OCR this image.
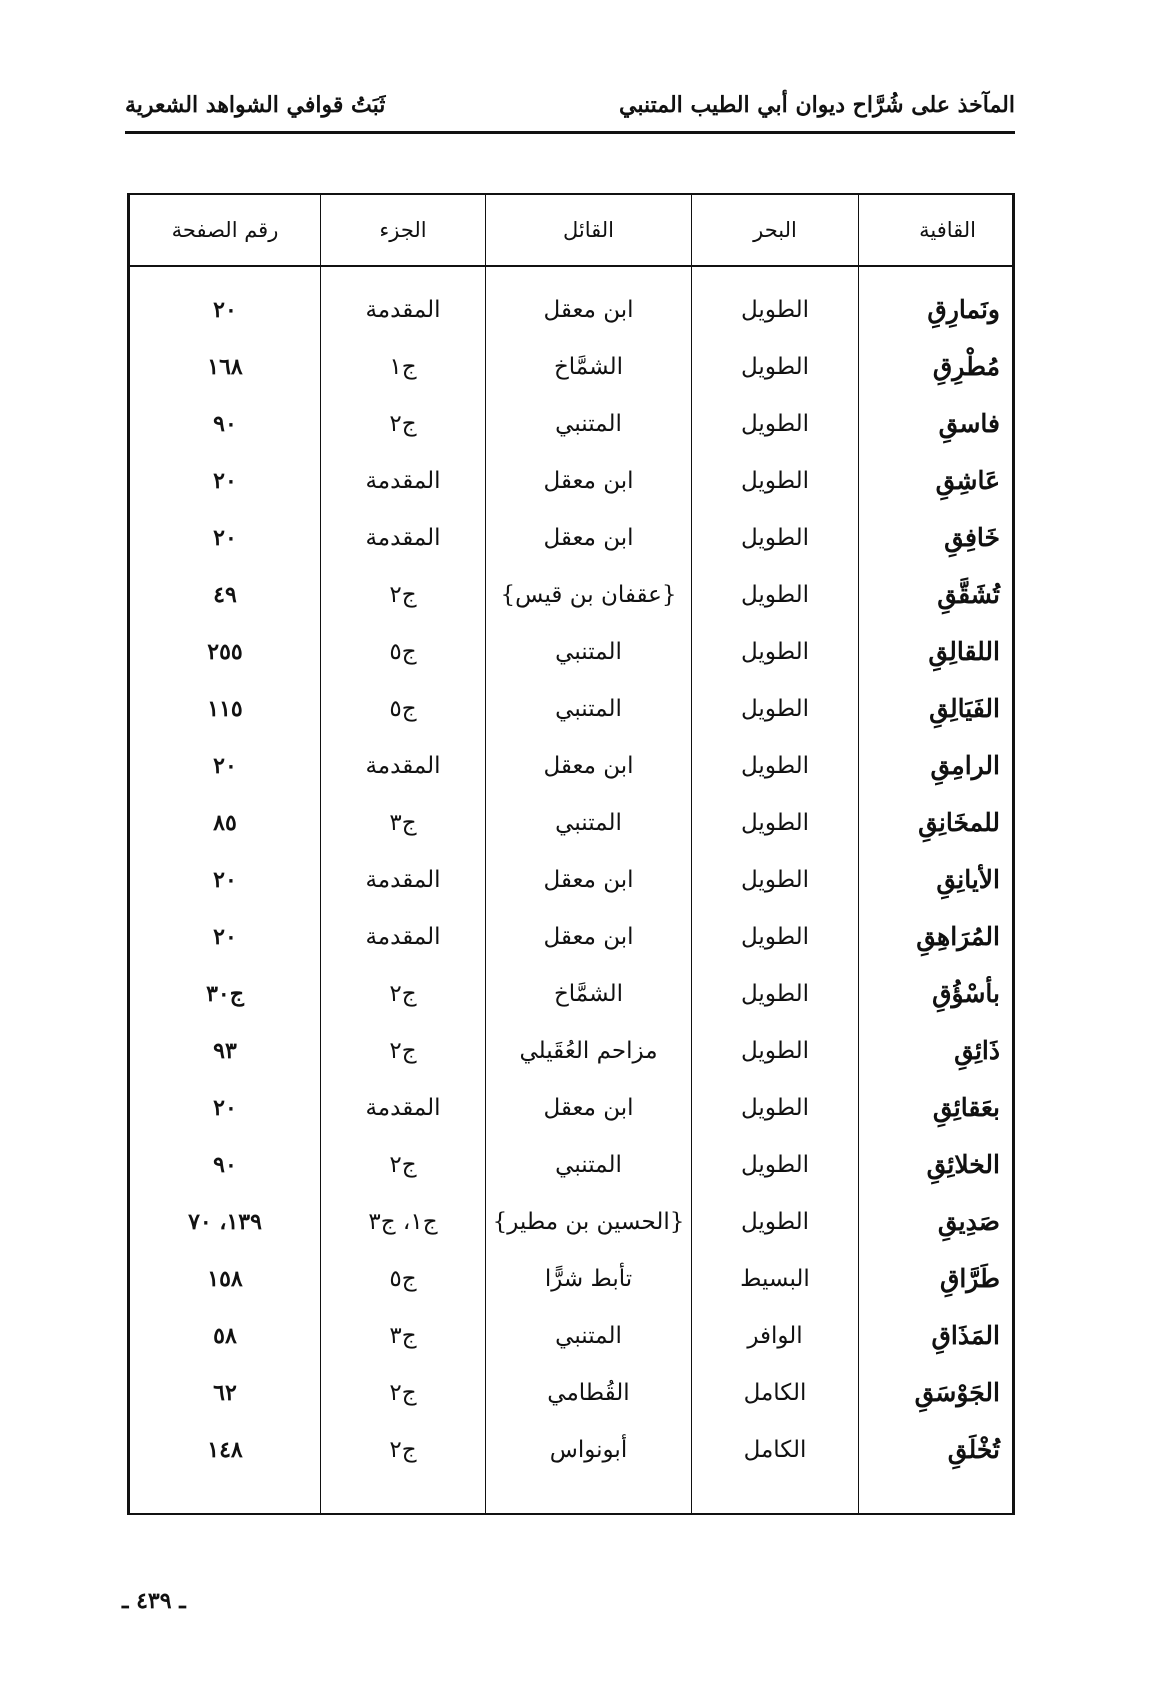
المآخذ على شُرَّاح ديوان أبي الطيب المتنبي
ثَبَتُ قوافي الشواهد الشعرية
القافية	البحر	القائل	الجزء	رقم الصفحة
ونَمارِقِ	الطويل	ابن معقل	المقدمة	٢٠
مُطْرِقِ	الطويل	الشمَّاخ	ج١	١٦٨
فاسقِ	الطويل	المتنبي	ج٢	٩٠
عَاشِقِ	الطويل	ابن معقل	المقدمة	٢٠
خَافِقِ	الطويل	ابن معقل	المقدمة	٢٠
تُشَقَّقِ	الطويل	{عقفان بن قيس}	ج٢	٤٩
اللقالِقِ	الطويل	المتنبي	ج٥	٢٥٥
الفَيَالِقِ	الطويل	المتنبي	ج٥	١١٥
الرامِقِ	الطويل	ابن معقل	المقدمة	٢٠
للمخَانِقِ	الطويل	المتنبي	ج٣	٨٥
الأيانِقِ	الطويل	ابن معقل	المقدمة	٢٠
المُرَاهِقِ	الطويل	ابن معقل	المقدمة	٢٠
بأسْؤُقِ	الطويل	الشمَّاخ	ج٢	ج٣٠
ذَائِقِ	الطويل	مزاحم العُقَيلي	ج٢	٩٣
بعَقائِقِ	الطويل	ابن معقل	المقدمة	٢٠
الخلائِقِ	الطويل	المتنبي	ج٢	٩٠
صَدِيقِ	الطويل	{الحسين بن مطير}	ج١، ج٣	١٣٩، ٧٠
طَرَّاقِ	البسيط	تأبط شرًّا	ج٥	١٥٨
المَذَاقِ	الوافر	المتنبي	ج٣	٥٨
الجَوْسَقِ	الكامل	القُطامي	ج٢	٦٢
تُخْلَقِ	الكامل	أبونواس	ج٢	١٤٨
ـ ٤٣٩ ـ
